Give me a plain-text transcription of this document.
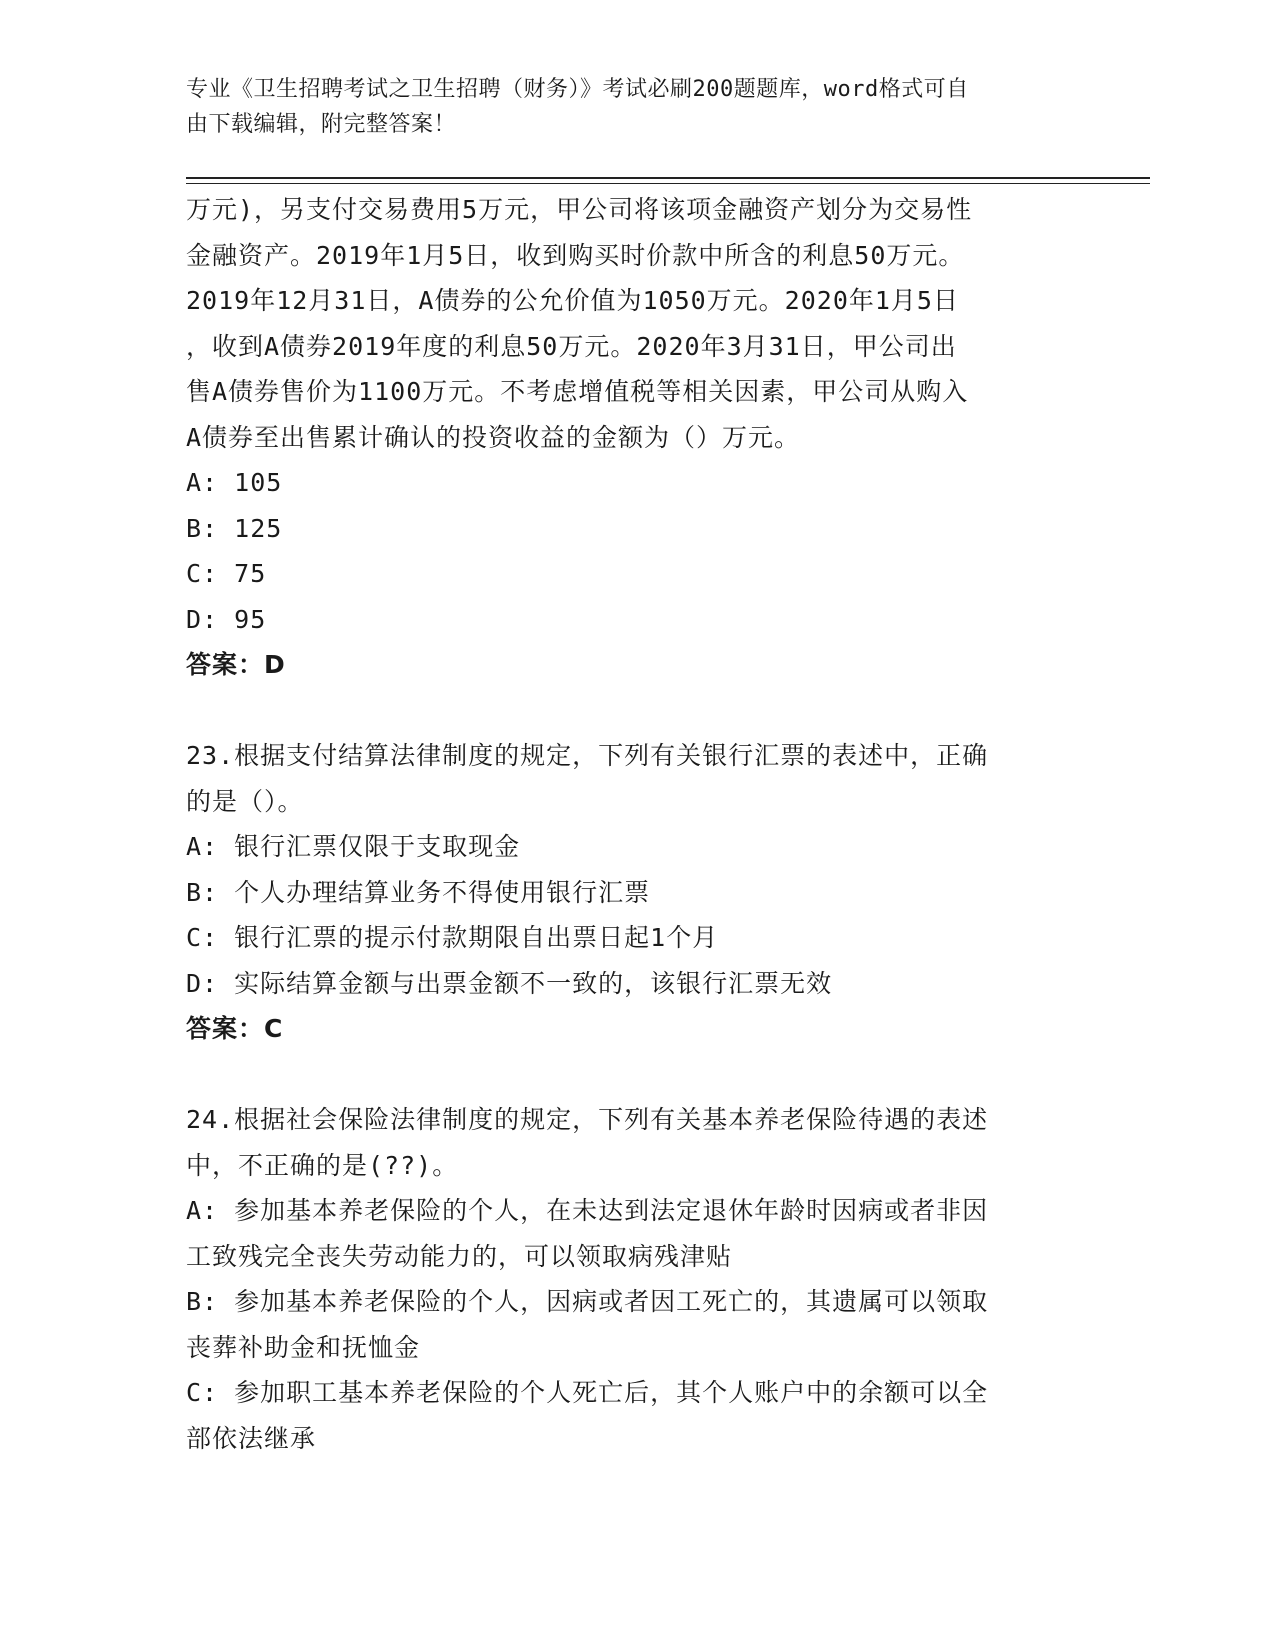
专业《卫生招聘考试之卫生招聘（财务）》考试必刷200题题库，word格式可自
由下载编辑，附完整答案！
万元)，另支付交易费用5万元，甲公司将该项金融资产划分为交易性
金融资产。2019年1月5日，收到购买时价款中所含的利息50万元。
2019年12月31日，A债券的公允价值为1050万元。2020年1月5日
，收到A债券2019年度的利息50万元。2020年3月31日，甲公司出
售A债券售价为1100万元。不考虑增值税等相关因素，甲公司从购入
A债券至出售累计确认的投资收益的金额为（）万元。
A: 105
B: 125
C: 75
D: 95
答案：D
23.根据支付结算法律制度的规定，下列有关银行汇票的表述中，正确
的是（）。
A: 银行汇票仅限于支取现金
B: 个人办理结算业务不得使用银行汇票
C: 银行汇票的提示付款期限自出票日起1个月
D: 实际结算金额与出票金额不一致的，该银行汇票无效
答案：C
24.根据社会保险法律制度的规定，下列有关基本养老保险待遇的表述
中，不正确的是(??)。
A: 参加基本养老保险的个人，在未达到法定退休年龄时因病或者非因
工致残完全丧失劳动能力的，可以领取病残津贴
B: 参加基本养老保险的个人，因病或者因工死亡的，其遗属可以领取
丧葬补助金和抚恤金
C: 参加职工基本养老保险的个人死亡后，其个人账户中的余额可以全
部依法继承
